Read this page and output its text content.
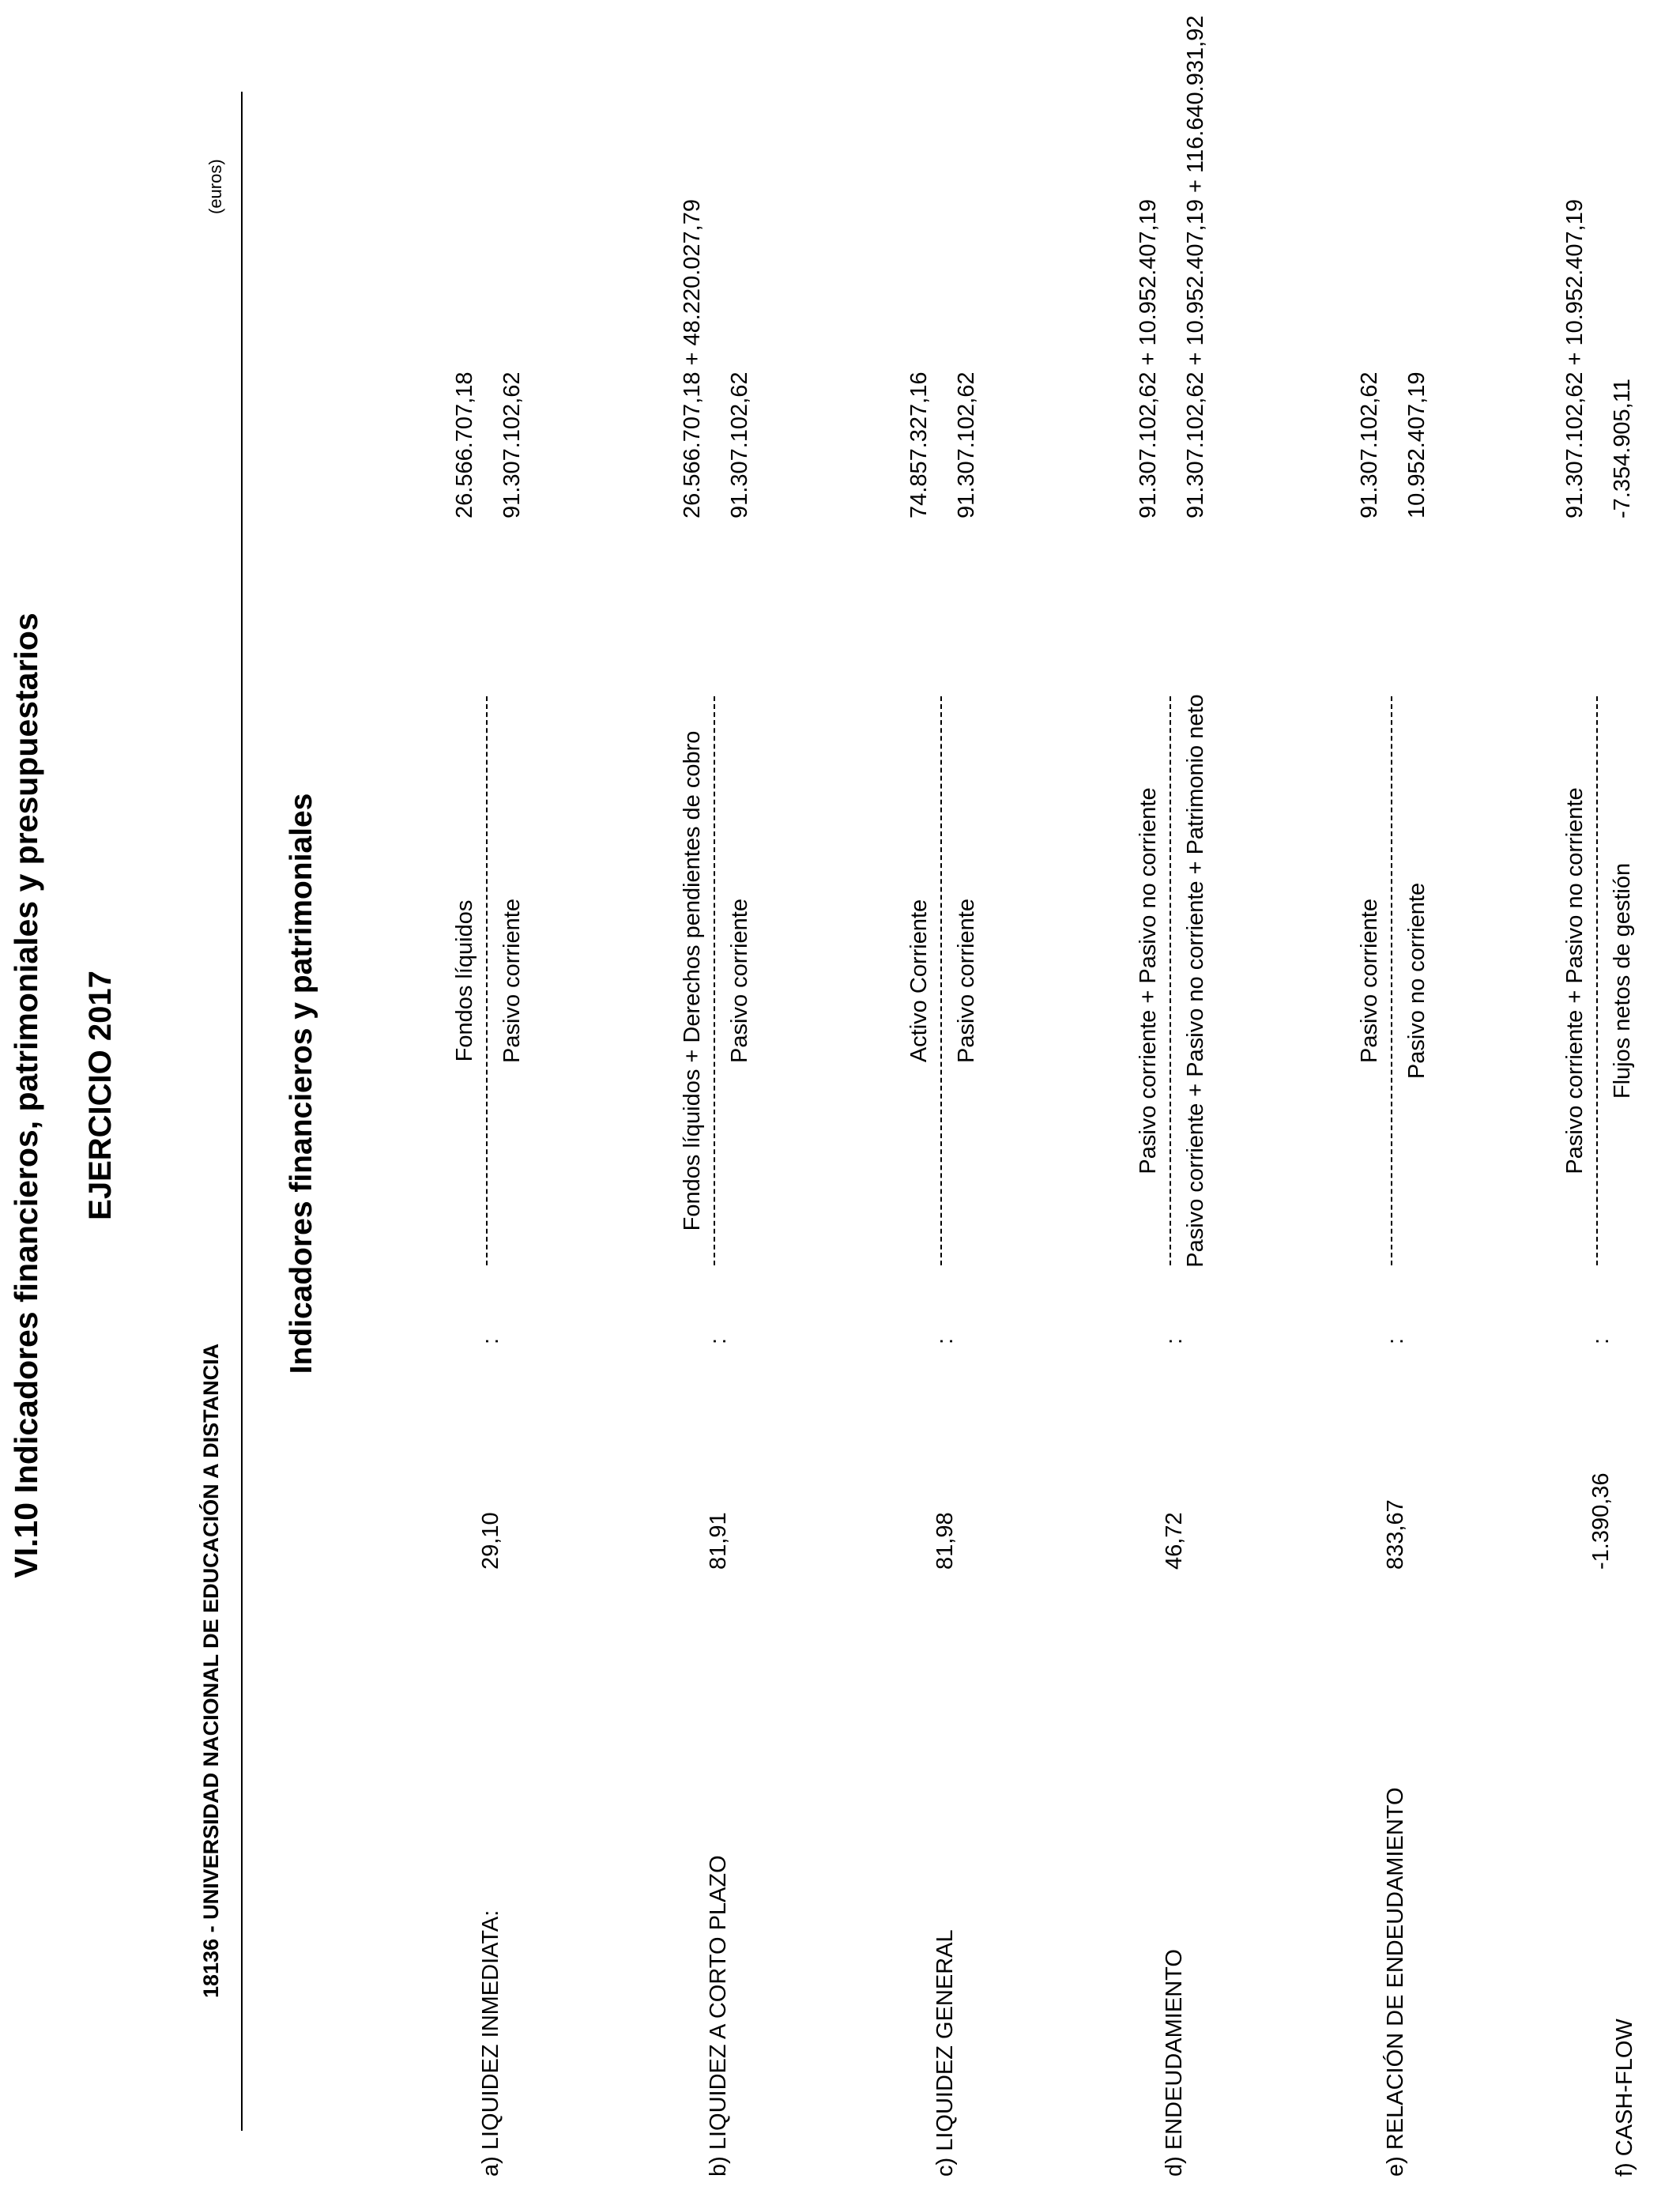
VI.10 Indicadores financieros, patrimoniales y presupuestarios EJERCICIO 2017
18136 - UNIVERSIDAD NACIONAL DE EDUCACIÓN A DISTANCIA
(euros)
Indicadores financieros y patrimoniales
a) LIQUIDEZ INMEDIATA:
29,10
:
Fondos líquidos Pasivo corriente
26.566.707,18 91.307.102,62
b) LIQUIDEZ A CORTO PLAZO
81,91
:
Fondos líquidos + Derechos pendientes de cobro Pasivo corriente
26.566.707,18 + 48.220.027,79 91.307.102,62
c) LIQUIDEZ GENERAL
81,98
:
Activo Corriente Pasivo corriente
74.857.327,16 91.307.102,62
d) ENDEUDAMIENTO
46,72
:
Pasivo corriente + Pasivo no corriente Pasivo corriente + Pasivo no corriente + Patrimonio neto
91.307.102,62 + 10.952.407,19 91.307.102,62 + 10.952.407,19 + 116.640.931,92
e) RELACIÓN DE ENDEUDAMIENTO
833,67
:
Pasivo corriente Pasivo no corriente
91.307.102,62 10.952.407,19
f) CASH-FLOW
-1.390,36
:
Pasivo corriente + Pasivo no corriente Flujos netos de gestión
91.307.102,62 + 10.952.407,19 -7.354.905,11
